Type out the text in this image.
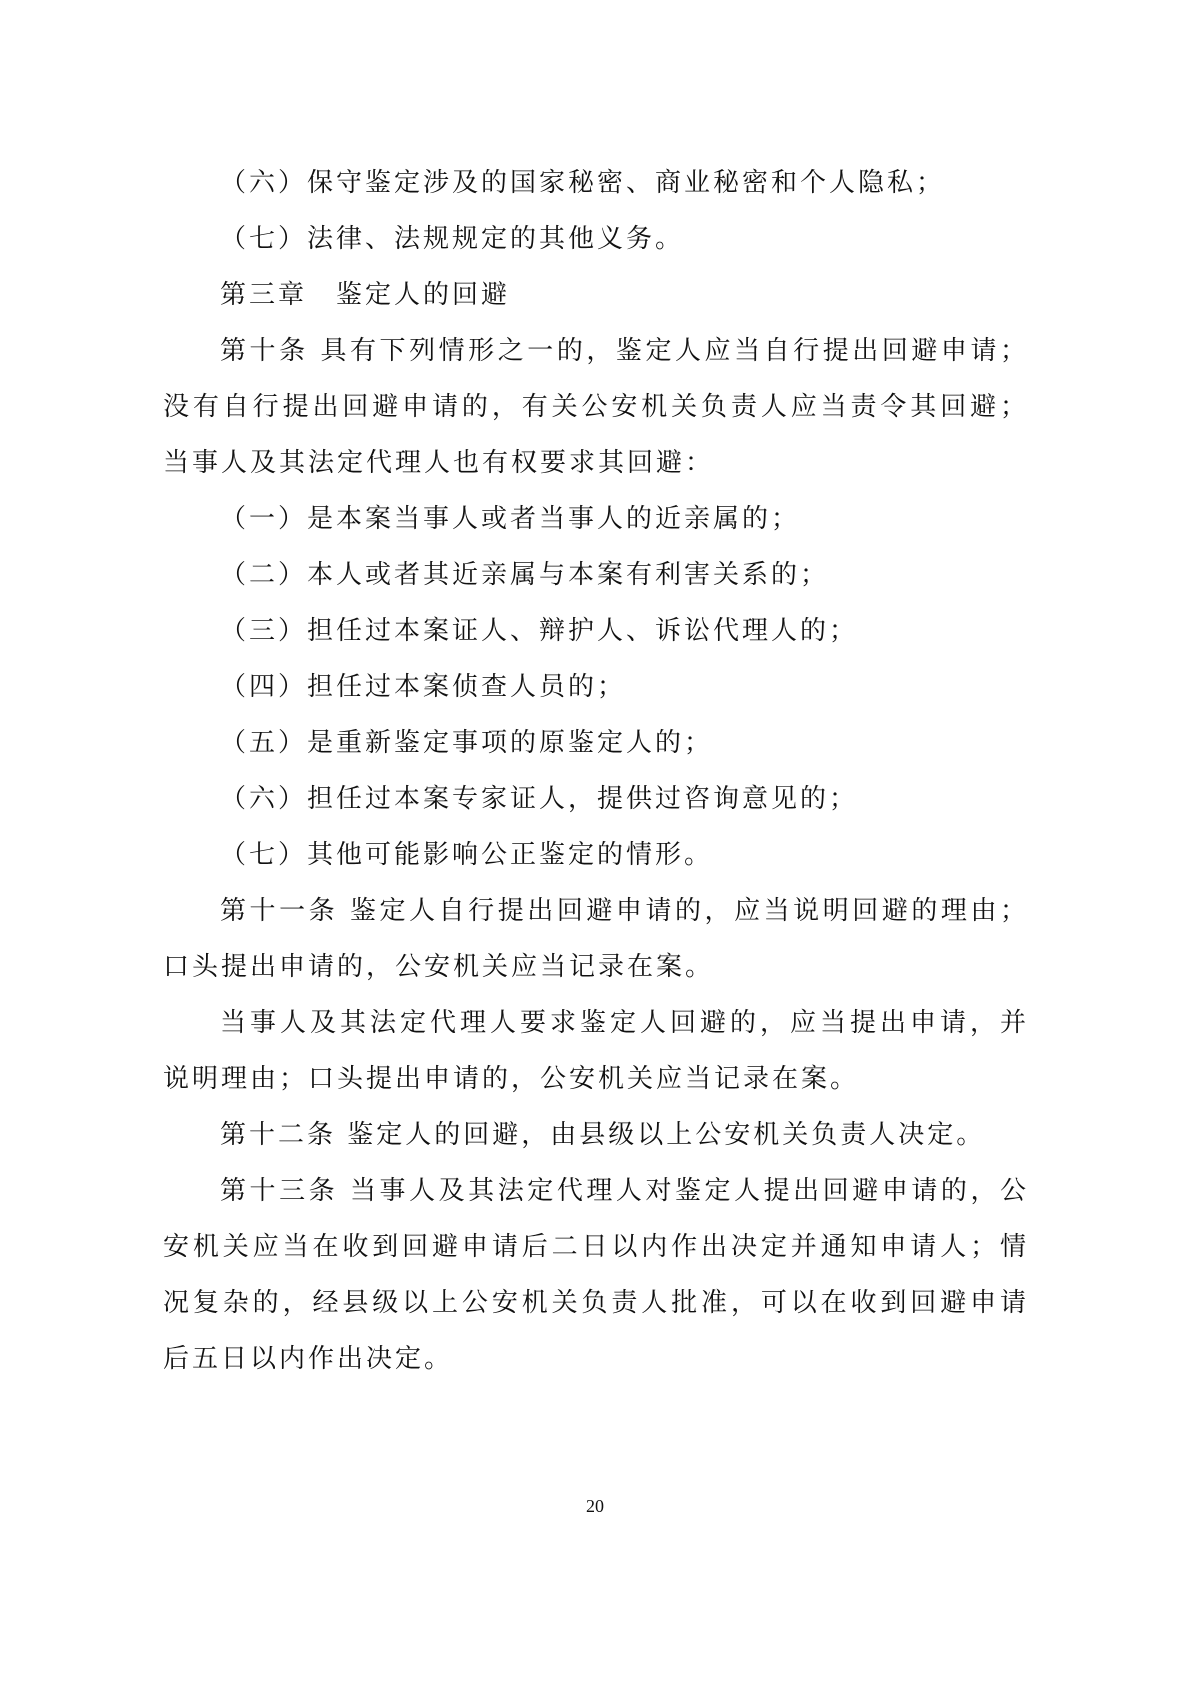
（六）保守鉴定涉及的国家秘密、商业秘密和个人隐私；

（七）法律、法规规定的其他义务。

第三章　鉴定人的回避

第十条 具有下列情形之一的，鉴定人应当自行提出回避申请；没有自行提出回避申请的，有关公安机关负责人应当责令其回避；当事人及其法定代理人也有权要求其回避：

（一）是本案当事人或者当事人的近亲属的；

（二）本人或者其近亲属与本案有利害关系的；

（三）担任过本案证人、辩护人、诉讼代理人的；

（四）担任过本案侦查人员的；

（五）是重新鉴定事项的原鉴定人的；

（六）担任过本案专家证人，提供过咨询意见的；

（七）其他可能影响公正鉴定的情形。

第十一条 鉴定人自行提出回避申请的，应当说明回避的理由；口头提出申请的，公安机关应当记录在案。

当事人及其法定代理人要求鉴定人回避的，应当提出申请，并说明理由；口头提出申请的，公安机关应当记录在案。

第十二条 鉴定人的回避，由县级以上公安机关负责人决定。

第十三条 当事人及其法定代理人对鉴定人提出回避申请的，公安机关应当在收到回避申请后二日以内作出决定并通知申请人；情况复杂的，经县级以上公安机关负责人批准，可以在收到回避申请后五日以内作出决定。

20
